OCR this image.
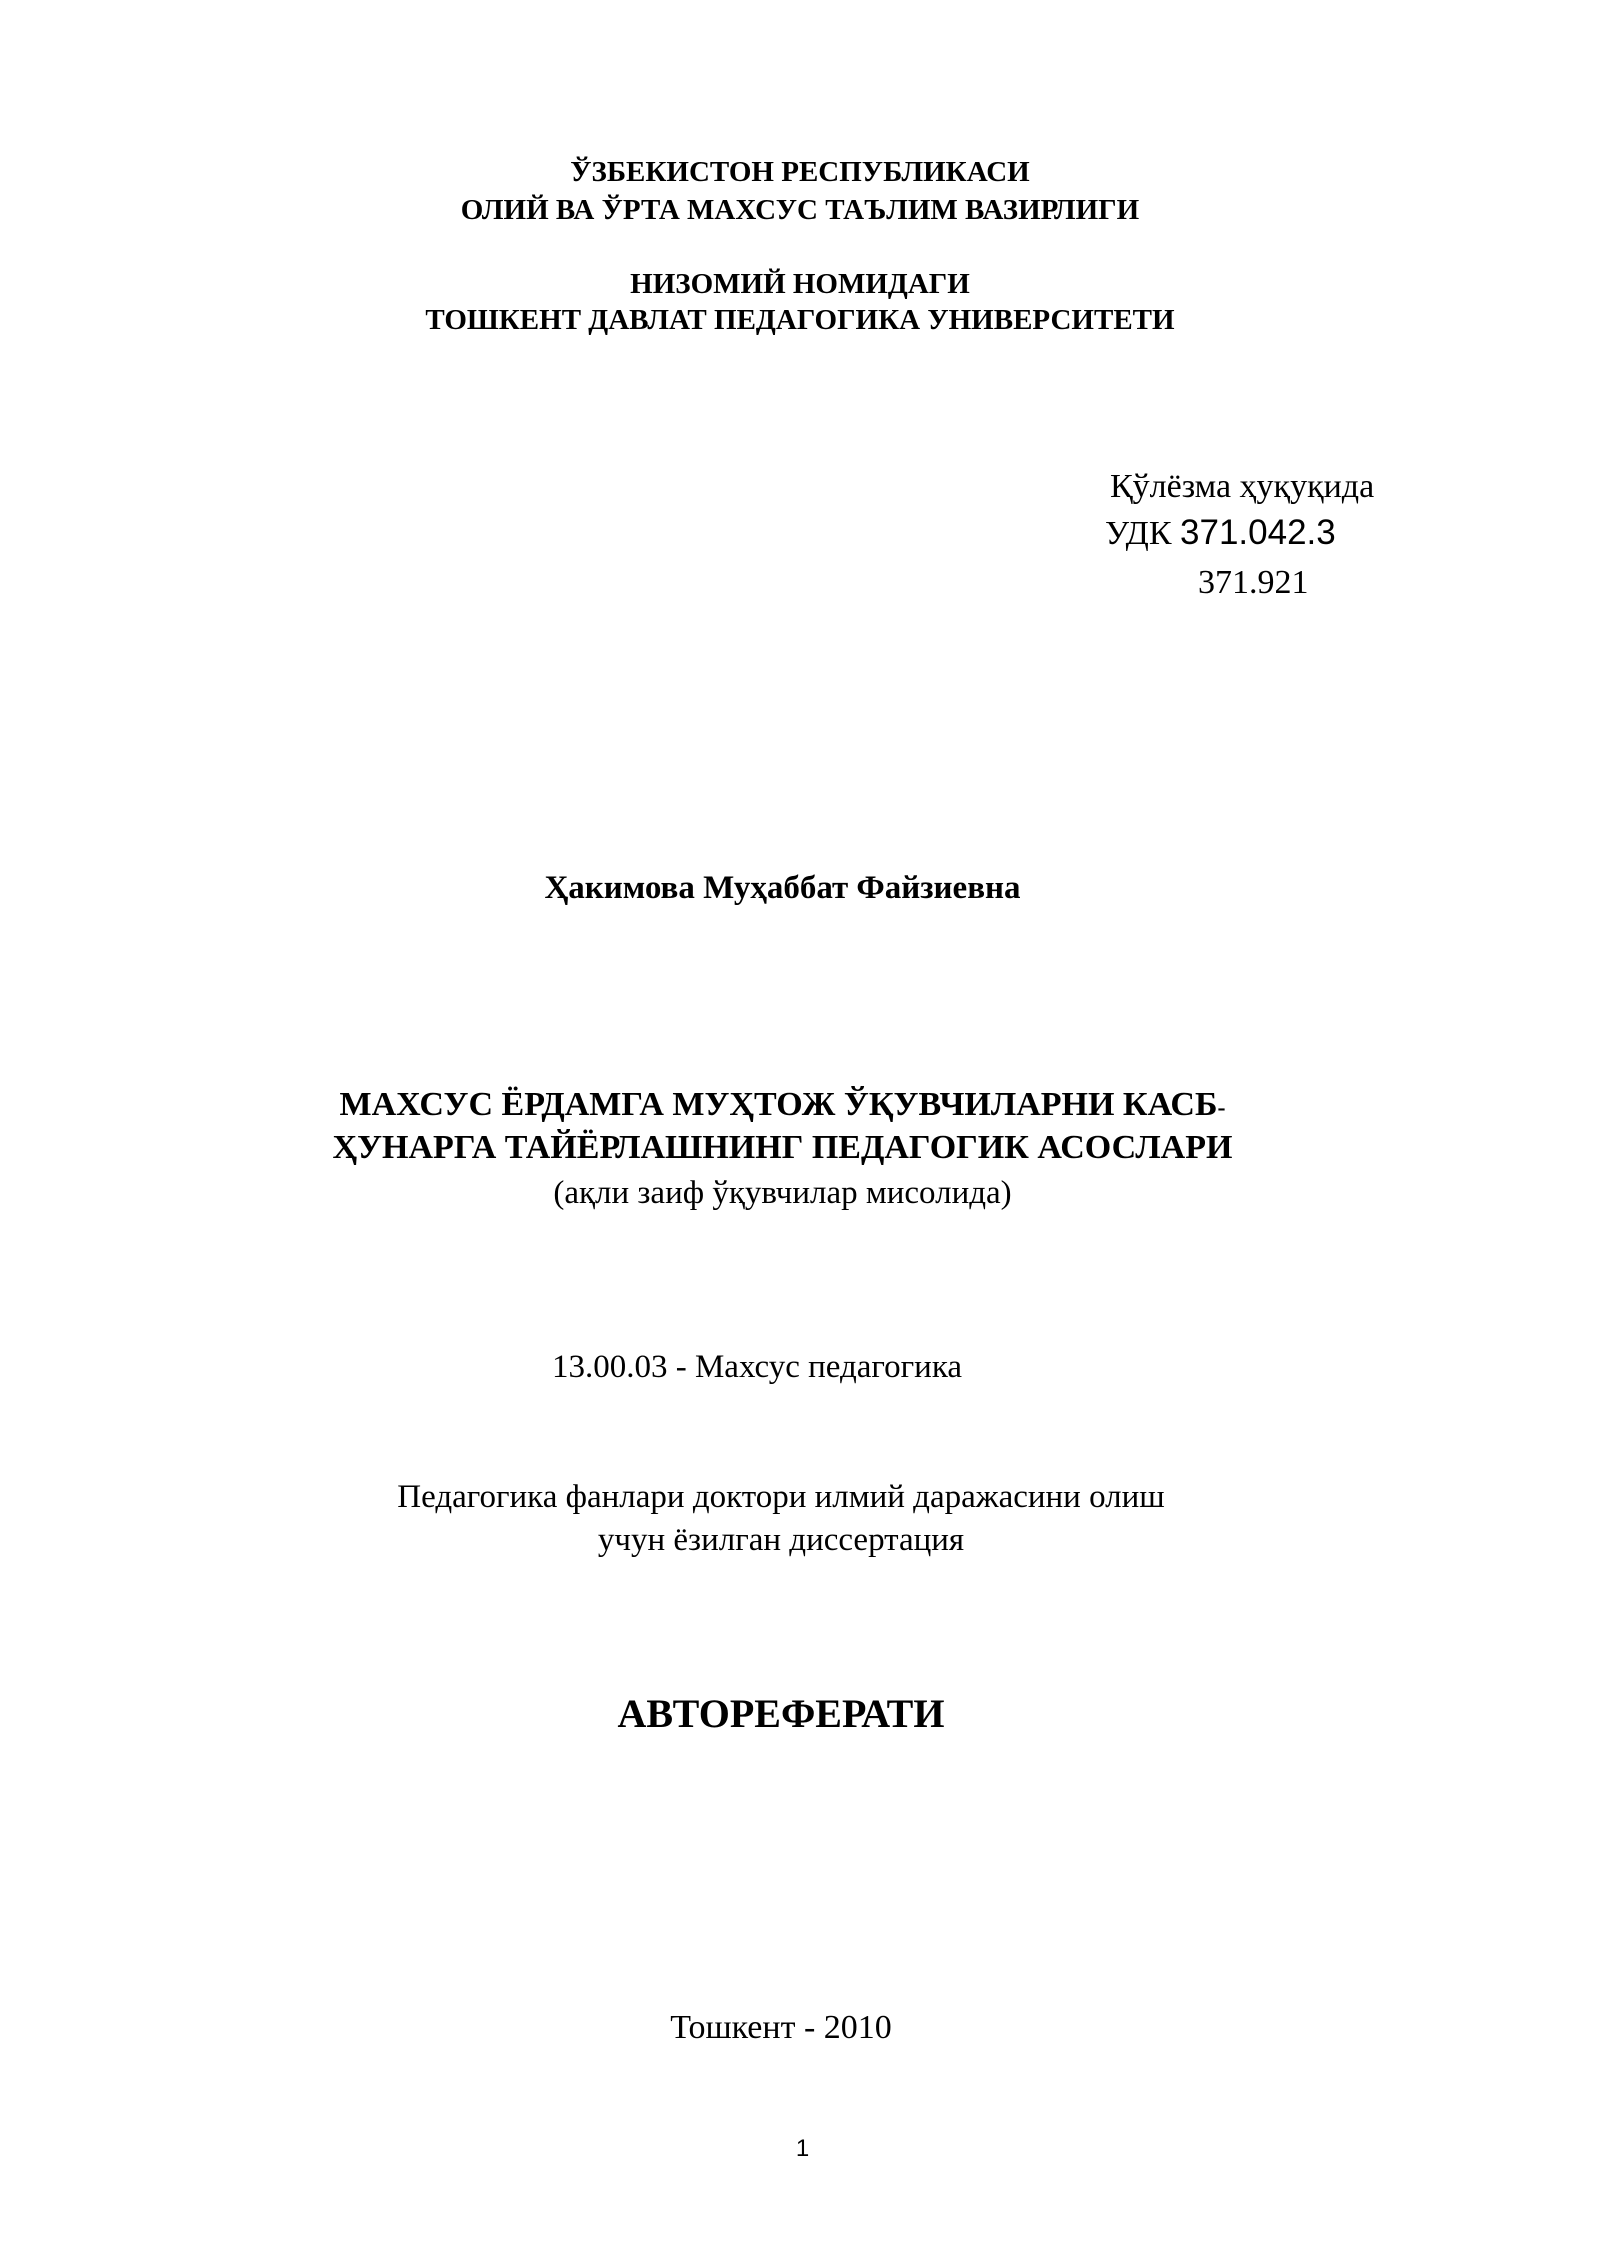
ЎЗБЕКИСТОН РЕСПУБЛИКАСИ
ОЛИЙ ВА ЎРТА МАХСУС ТАЪЛИМ ВАЗИРЛИГИ
НИЗОМИЙ НОМИДАГИ
ТОШКЕНТ ДАВЛАТ ПЕДАГОГИКА УНИВЕРСИТЕТИ
Қўлёзма ҳуқуқида
УДК 371.042.3
371.921
Ҳакимова Муҳаббат Файзиевна
МАХСУС ЁРДАМГА МУҲТОЖ ЎҚУВЧИЛАРНИ КАСБ-
ҲУНАРГА ТАЙЁРЛАШНИНГ ПЕДАГОГИК АСОСЛАРИ
(ақли заиф ўқувчилар мисолида)
13.00.03 - Махсус педагогика
Педагогика фанлари доктори илмий даражасини олиш
учун ёзилган диссертация
АВТОРЕФЕРАТИ
Тошкент - 2010
1
